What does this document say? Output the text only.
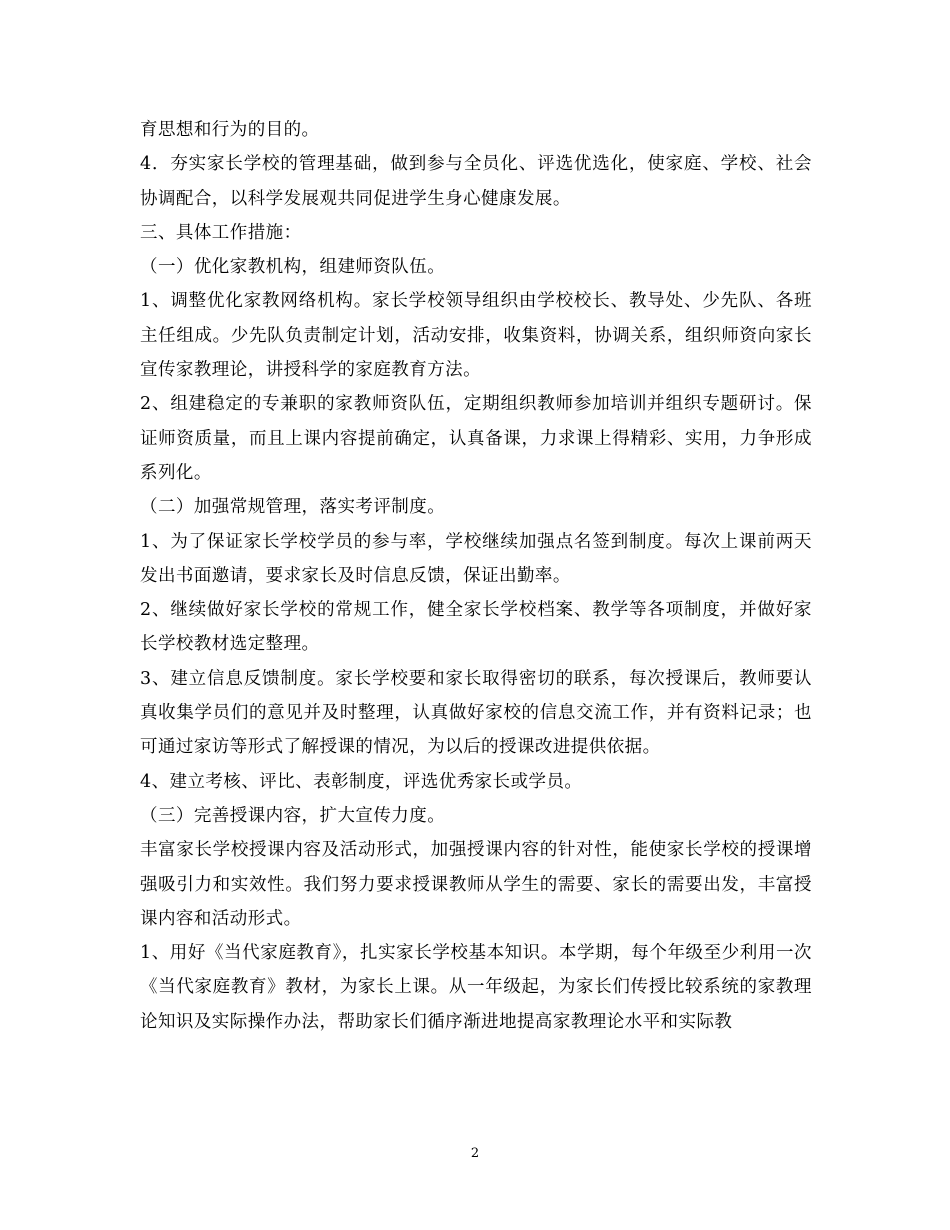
育思想和行为的目的。

4．夯实家长学校的管理基础，做到参与全员化、评选优选化，使家庭、学校、社会协调配合，以科学发展观共同促进学生身心健康发展。

三、具体工作措施：

（一）优化家教机构，组建师资队伍。

1、调整优化家教网络机构。家长学校领导组织由学校校长、教导处、少先队、各班主任组成。少先队负责制定计划，活动安排，收集资料，协调关系，组织师资向家长宣传家教理论，讲授科学的家庭教育方法。

2、组建稳定的专兼职的家教师资队伍，定期组织教师参加培训并组织专题研讨。保证师资质量，而且上课内容提前确定，认真备课，力求课上得精彩、实用，力争形成系列化。

（二）加强常规管理，落实考评制度。

1、为了保证家长学校学员的参与率，学校继续加强点名签到制度。每次上课前两天发出书面邀请，要求家长及时信息反馈，保证出勤率。

2、继续做好家长学校的常规工作，健全家长学校档案、教学等各项制度，并做好家长学校教材选定整理。

3、建立信息反馈制度。家长学校要和家长取得密切的联系，每次授课后，教师要认真收集学员们的意见并及时整理，认真做好家校的信息交流工作，并有资料记录；也可通过家访等形式了解授课的情况，为以后的授课改进提供依据。

4、建立考核、评比、表彰制度，评选优秀家长或学员。

（三）完善授课内容，扩大宣传力度。

丰富家长学校授课内容及活动形式，加强授课内容的针对性，能使家长学校的授课增强吸引力和实效性。我们努力要求授课教师从学生的需要、家长的需要出发，丰富授课内容和活动形式。

1、用好《当代家庭教育》，扎实家长学校基本知识。本学期，每个年级至少利用一次《当代家庭教育》教材，为家长上课。从一年级起，为家长们传授比较系统的家教理论知识及实际操作办法，帮助家长们循序渐进地提高家教理论水平和实际教

2
